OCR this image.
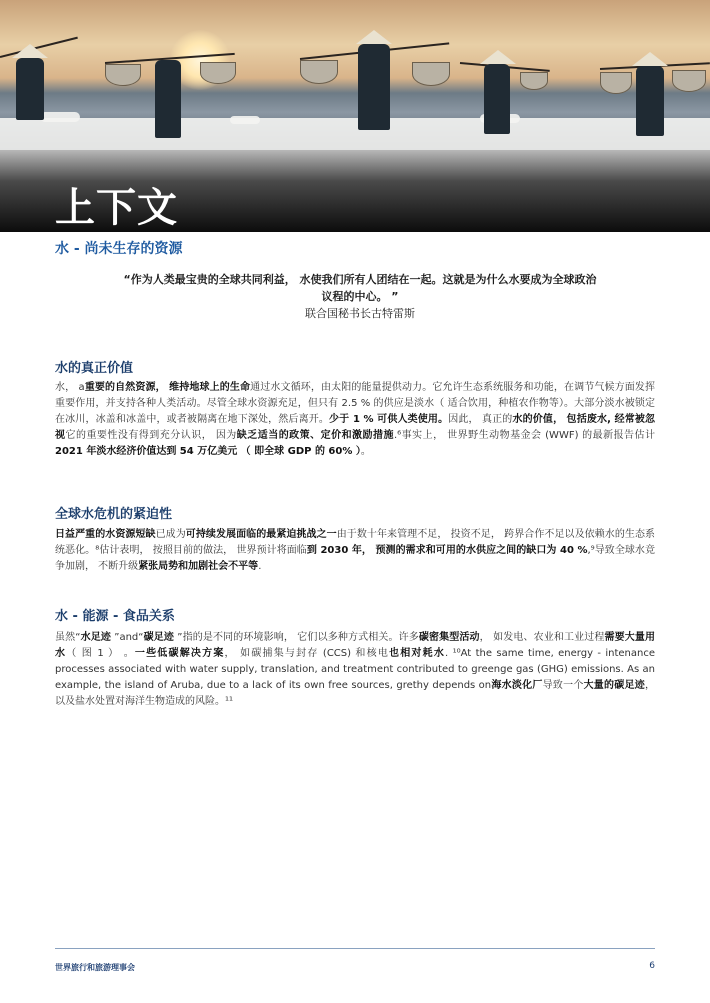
上下文
水 - 尚未生存的资源
“作为人类最宝贵的全球共同利益， 水使我们所有人团结在一起。这就是为什么水要成为全球政治议程的中心。 ”
联合国秘书长古特雷斯
水的真正价值
水， a重要的自然资源， 维持地球上的生命通过水文循环，由太阳的能量提供动力。它允许生态系统服务和功能，在调节气候方面发挥重要作用，并支持各种人类活动。尽管全球水资源充足，但只有 2.5 % 的供应是淡水（ 适合饮用，种植农作物等）。大部分淡水被锁定在冰川，冰盖和冰盖中，或者被隔离在地下深处，然后离开。少于 1 % 可供人类使用。因此， 真正的水的价值， 包括废水, 经常被忽视它的重要性没有得到充分认识， 因为缺乏适当的政策、定价和激励措施.⁶事实上， 世界野生动物基金会 (WWF) 的最新报告估计2021 年淡水经济价值达到 54 万亿美元 （ 即全球 GDP 的 60% ）。
全球水危机的紧迫性
日益严重的水资源短缺已成为可持续发展面临的最紧迫挑战之一由于数十年来管理不足， 投资不足， 跨界合作不足以及依赖水的生态系统恶化。⁸估计表明， 按照目前的做法， 世界预计将面临到 2030 年， 预测的需求和可用的水供应之间的缺口为 40 %,⁹导致全球水竞争加剧， 不断升级紧张局势和加剧社会不平等.
水 - 能源 - 食品关系
虽然“水足迹 ”and“碳足迹 ”指的是不同的环境影响， 它们以多种方式相关。许多碳密集型活动， 如发电、农业和工业过程需要大量用水（ 图 1 ） 。一些低碳解决方案， 如碳捕集与封存 (CCS) 和核电也相对耗水. ¹⁰At the same time, energy - intenance processes associated with water supply, translation, and treatment contributed to greenge gas (GHG) emissions. As an example, the island of Aruba, due to a lack of its own free sources, grethy depends on海水淡化厂导致一个大量的碳足迹， 以及盐水处置对海洋生物造成的风险。¹¹
世界旅行和旅游理事会	6
